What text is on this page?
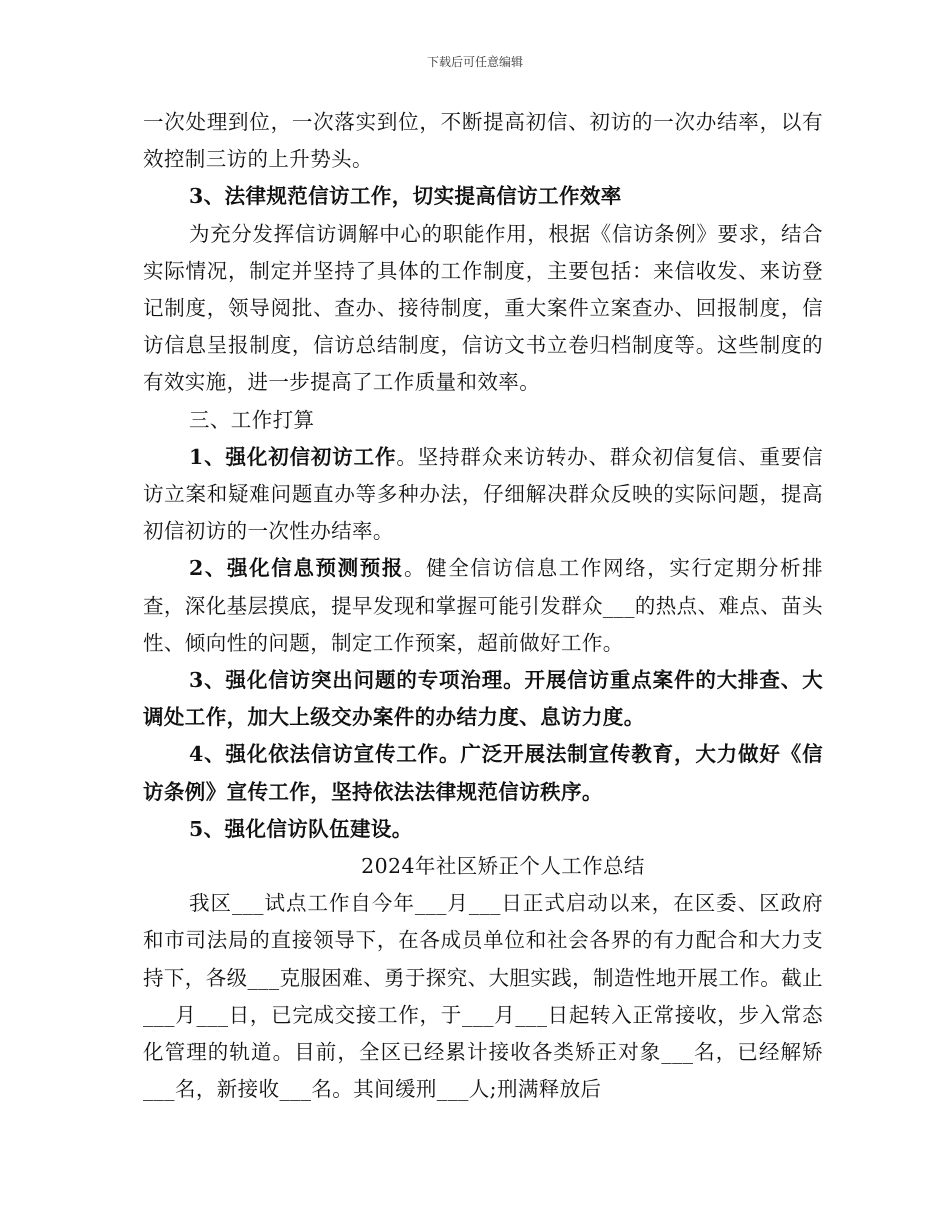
下载后可任意编辑

一次处理到位，一次落实到位，不断提高初信、初访的一次办结率，以有效控制三访的上升势头。

3、法律规范信访工作，切实提高信访工作效率

为充分发挥信访调解中心的职能作用，根据《信访条例》要求，结合实际情况，制定并坚持了具体的工作制度，主要包括：来信收发、来访登记制度，领导阅批、查办、接待制度，重大案件立案查办、回报制度，信访信息呈报制度，信访总结制度，信访文书立卷归档制度等。这些制度的有效实施，进一步提高了工作质量和效率。

三、工作打算

1、强化初信初访工作。坚持群众来访转办、群众初信复信、重要信访立案和疑难问题直办等多种办法，仔细解决群众反映的实际问题，提高初信初访的一次性办结率。

2、强化信息预测预报。健全信访信息工作网络，实行定期分析排查，深化基层摸底，提早发现和掌握可能引发群众___的热点、难点、苗头性、倾向性的问题，制定工作预案，超前做好工作。

3、强化信访突出问题的专项治理。开展信访重点案件的大排查、大调处工作，加大上级交办案件的办结力度、息访力度。

4、强化依法信访宣传工作。广泛开展法制宣传教育，大力做好《信访条例》宣传工作，坚持依法法律规范信访秩序。

5、强化信访队伍建设。

2024年社区矫正个人工作总结

我区___试点工作自今年___月___日正式启动以来，在区委、区政府和市司法局的直接领导下，在各成员单位和社会各界的有力配合和大力支持下，各级___克服困难、勇于探究、大胆实践，制造性地开展工作。截止___月___日，已完成交接工作，于___月___日起转入正常接收，步入常态化管理的轨道。目前，全区已经累计接收各类矫正对象___名，已经解矫___名，新接收___名。其间缓刑___人;刑满释放后
